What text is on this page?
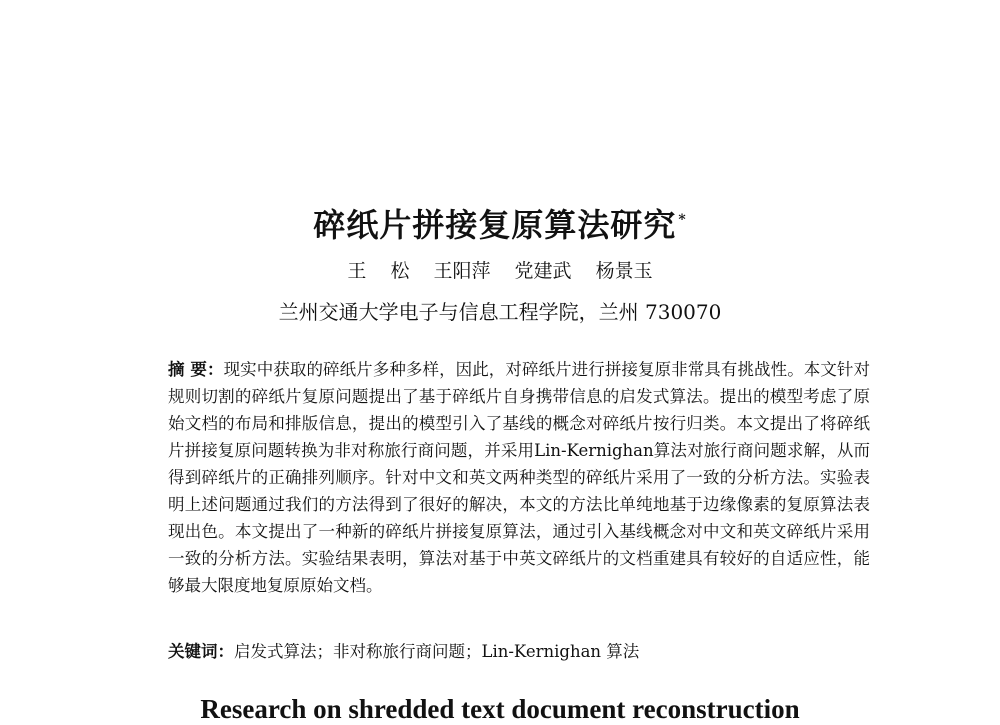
碎纸片拼接复原算法研究 *
王 松 王阳萍 党建武 杨景玉
兰州交通大学电子与信息工程学院，兰州 730070
摘 要：现实中获取的碎纸片多种多样，因此，对碎纸片进行拼接复原非常具有挑战性。本文针对规则切割的碎纸片复原问题提出了基于碎纸片自身携带信息的启发式算法。提出的模型考虑了原始文档的布局和排版信息，提出的模型引入了基线的概念对碎纸片按行归类。本文提出了将碎纸片拼接复原问题转换为非对称旅行商问题，并采用Lin-Kernighan算法对旅行商问题求解，从而得到碎纸片的正确排列顺序。针对中文和英文两种类型的碎纸片采用了一致的分析方法。实验表明上述问题通过我们的方法得到了很好的解决，本文的方法比单纯地基于边缘像素的复原算法表现出色。本文提出了一种新的碎纸片拼接复原算法，通过引入基线概念对中文和英文碎纸片采用一致的分析方法。实验结果表明，算法对基于中英文碎纸片的文档重建具有较好的自适应性，能够最大限度地复原原始文档。
关键词：启发式算法；非对称旅行商问题；Lin-Kernighan 算法
Research on shredded text document reconstruction
